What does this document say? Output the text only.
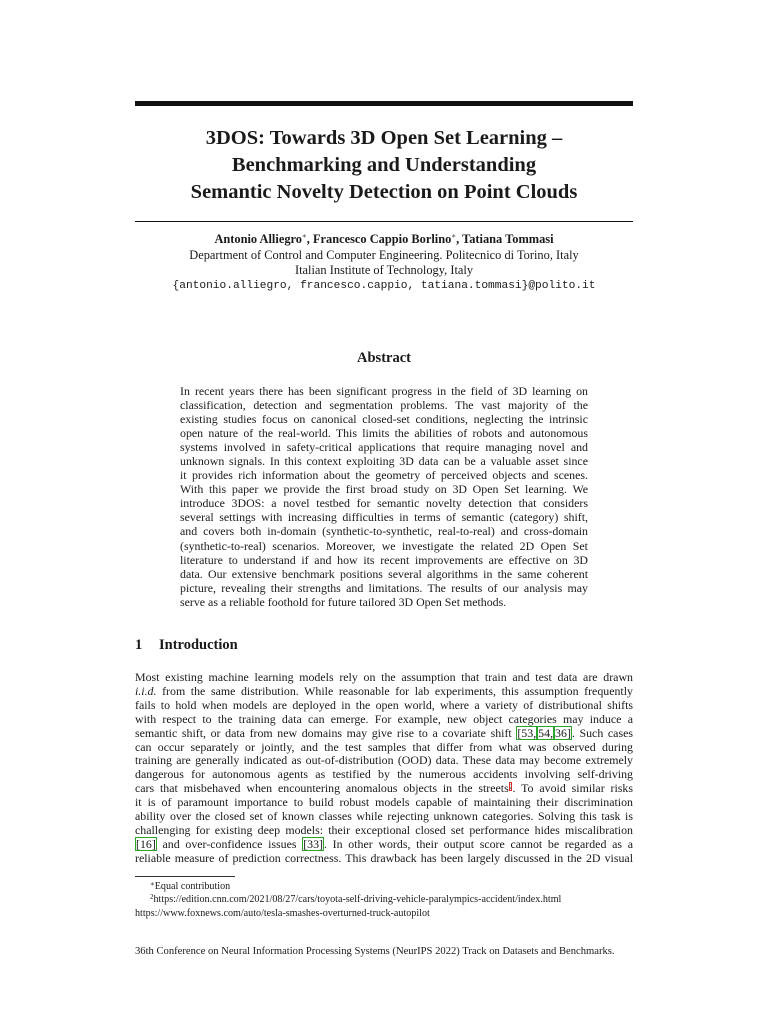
3DOS: Towards 3D Open Set Learning –
Benchmarking and Understanding
Semantic Novelty Detection on Point Clouds
Antonio Alliegro∗, Francesco Cappio Borlino∗, Tatiana Tommasi
Department of Control and Computer Engineering. Politecnico di Torino, Italy
Italian Institute of Technology, Italy
{antonio.alliegro, francesco.cappio, tatiana.tommasi}@polito.it
Abstract
In recent years there has been significant progress in the field of 3D learning on
classification, detection and segmentation problems. The vast majority of the
existing studies focus on canonical closed-set conditions, neglecting the intrinsic
open nature of the real-world. This limits the abilities of robots and autonomous
systems involved in safety-critical applications that require managing novel and
unknown signals. In this context exploiting 3D data can be a valuable asset since
it provides rich information about the geometry of perceived objects and scenes.
With this paper we provide the first broad study on 3D Open Set learning. We
introduce 3DOS: a novel testbed for semantic novelty detection that considers
several settings with increasing difficulties in terms of semantic (category) shift,
and covers both in-domain (synthetic-to-synthetic, real-to-real) and cross-domain
(synthetic-to-real) scenarios. Moreover, we investigate the related 2D Open Set
literature to understand if and how its recent improvements are effective on 3D
data. Our extensive benchmark positions several algorithms in the same coherent
picture, revealing their strengths and limitations. The results of our analysis may
serve as a reliable foothold for future tailored 3D Open Set methods.
1 Introduction
Most existing machine learning models rely on the assumption that train and test data are drawn
i.i.d. from the same distribution. While reasonable for lab experiments, this assumption frequently
fails to hold when models are deployed in the open world, where a variety of distributional shifts
with respect to the training data can emerge. For example, new object categories may induce a
semantic shift, or data from new domains may give rise to a covariate shift [53, 54, 36]. Such cases
can occur separately or jointly, and the test samples that differ from what was observed during
training are generally indicated as out-of-distribution (OOD) data. These data may become extremely
dangerous for autonomous agents as testified by the numerous accidents involving self-driving
cars that misbehaved when encountering anomalous objects in the streets$^2$. To avoid similar risks
it is of paramount importance to build robust models capable of maintaining their discrimination
ability over the closed set of known classes while rejecting unknown categories. Solving this task is
challenging for existing deep models: their exceptional closed set performance hides miscalibration
[16] and over-confidence issues [33]. In other words, their output score cannot be regarded as a
reliable measure of prediction correctness. This drawback has been largely discussed in the 2D visual
∗Equal contribution
$^2$https://edition.cnn.com/2021/08/27/cars/toyota-self-driving-vehicle-paralympics-accident/index.html
https://www.foxnews.com/auto/tesla-smashes-overturned-truck-autopilot
36th Conference on Neural Information Processing Systems (NeurIPS 2022) Track on Datasets and Benchmarks.
